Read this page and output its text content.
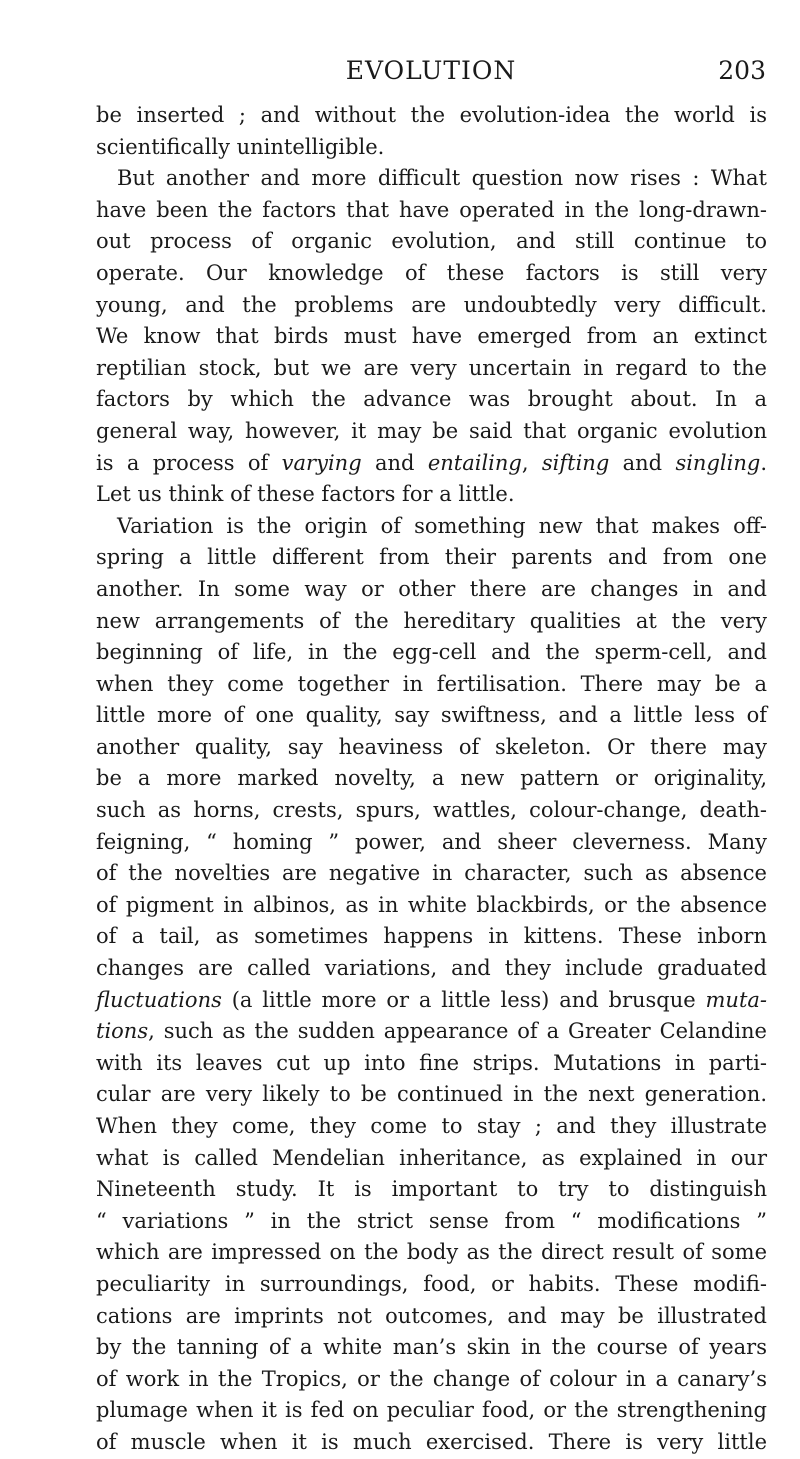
EVOLUTION	203
be inserted ; and without the evolution-idea the world is
scientifically unintelligible.
But another and more difficult question now rises : What
have been the factors that have operated in the long-drawn-
out process of organic evolution, and still continue to
operate. Our knowledge of these factors is still very
young, and the problems are undoubtedly very difficult.
We know that birds must have emerged from an extinct
reptilian stock, but we are very uncertain in regard to the
factors by which the advance was brought about. In a
general way, however, it may be said that organic evolution
is a process of varying and entailing, sifting and singling.
Let us think of these factors for a little.
Variation is the origin of something new that makes off-
spring a little different from their parents and from one
another. In some way or other there are changes in and
new arrangements of the hereditary qualities at the very
beginning of life, in the egg-cell and the sperm-cell, and
when they come together in fertilisation. There may be a
little more of one quality, say swiftness, and a little less of
another quality, say heaviness of skeleton. Or there may
be a more marked novelty, a new pattern or originality,
such as horns, crests, spurs, wattles, colour-change, death-
feigning, “ homing ” power, and sheer cleverness. Many
of the novelties are negative in character, such as absence
of pigment in albinos, as in white blackbirds, or the absence
of a tail, as sometimes happens in kittens. These inborn
changes are called variations, and they include graduated
fluctuations (a little more or a little less) and brusque muta-
tions, such as the sudden appearance of a Greater Celandine
with its leaves cut up into fine strips. Mutations in parti-
cular are very likely to be continued in the next generation.
When they come, they come to stay ; and they illustrate
what is called Mendelian inheritance, as explained in our
Nineteenth study. It is important to try to distinguish
“ variations ” in the strict sense from “ modifications ”
which are impressed on the body as the direct result of some
peculiarity in surroundings, food, or habits. These modifi-
cations are imprints not outcomes, and may be illustrated
by the tanning of a white man’s skin in the course of years
of work in the Tropics, or the change of colour in a canary’s
plumage when it is fed on peculiar food, or the strengthening
of muscle when it is much exercised. There is very little
